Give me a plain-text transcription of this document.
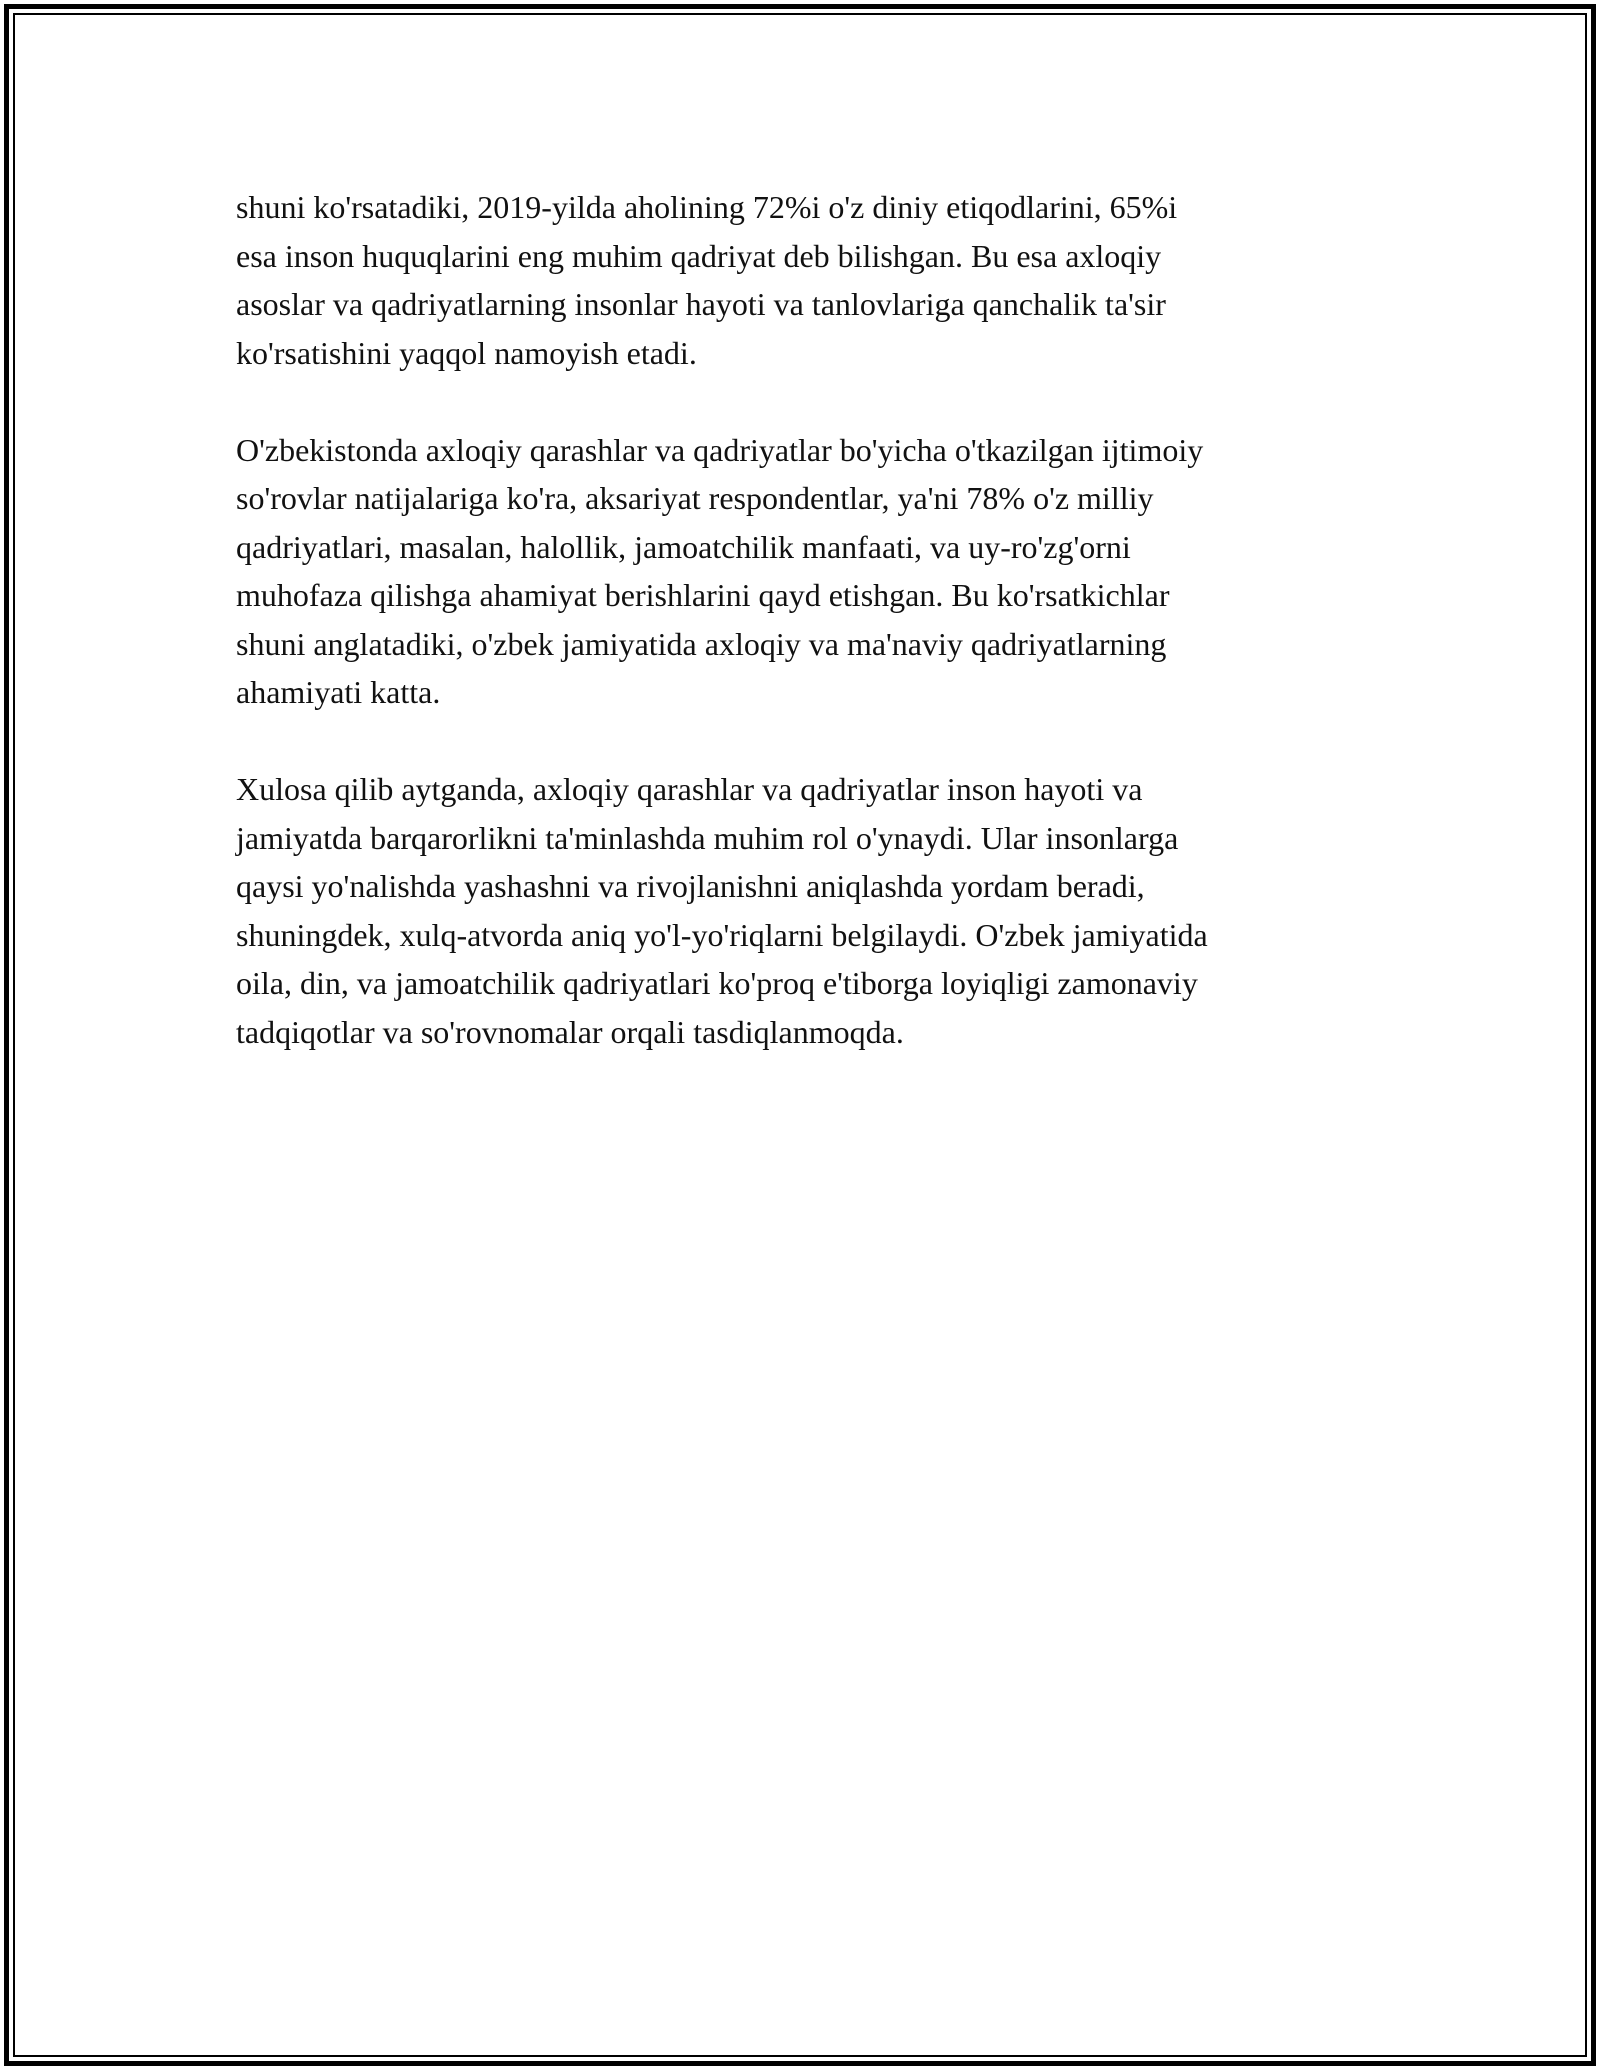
shuni ko'rsatadiki, 2019-yilda aholining 72%i o'z diniy etiqodlarini, 65%i
esa inson huquqlarini eng muhim qadriyat deb bilishgan. Bu esa axloqiy
asoslar va qadriyatlarning insonlar hayoti va tanlovlariga qanchalik ta'sir
ko'rsatishini yaqqol namoyish etadi.

O'zbekistonda axloqiy qarashlar va qadriyatlar bo'yicha o'tkazilgan ijtimoiy
so'rovlar natijalariga ko'ra, aksariyat respondentlar, ya'ni 78% o'z milliy
qadriyatlari, masalan, halollik, jamoatchilik manfaati, va uy-ro'zg'orni
muhofaza qilishga ahamiyat berishlarini qayd etishgan. Bu ko'rsatkichlar
shuni anglatadiki, o'zbek jamiyatida axloqiy va ma'naviy qadriyatlarning
ahamiyati katta.

Xulosa qilib aytganda, axloqiy qarashlar va qadriyatlar inson hayoti va
jamiyatda barqarorlikni ta'minlashda muhim rol o'ynaydi. Ular insonlarga
qaysi yo'nalishda yashashni va rivojlanishni aniqlashda yordam beradi,
shuningdek, xulq-atvorda aniq yo'l-yo'riqlarni belgilaydi. O'zbek jamiyatida
oila, din, va jamoatchilik qadriyatlari ko'proq e'tiborga loyiqligi zamonaviy
tadqiqotlar va so'rovnomalar orqali tasdiqlanmoqda.
